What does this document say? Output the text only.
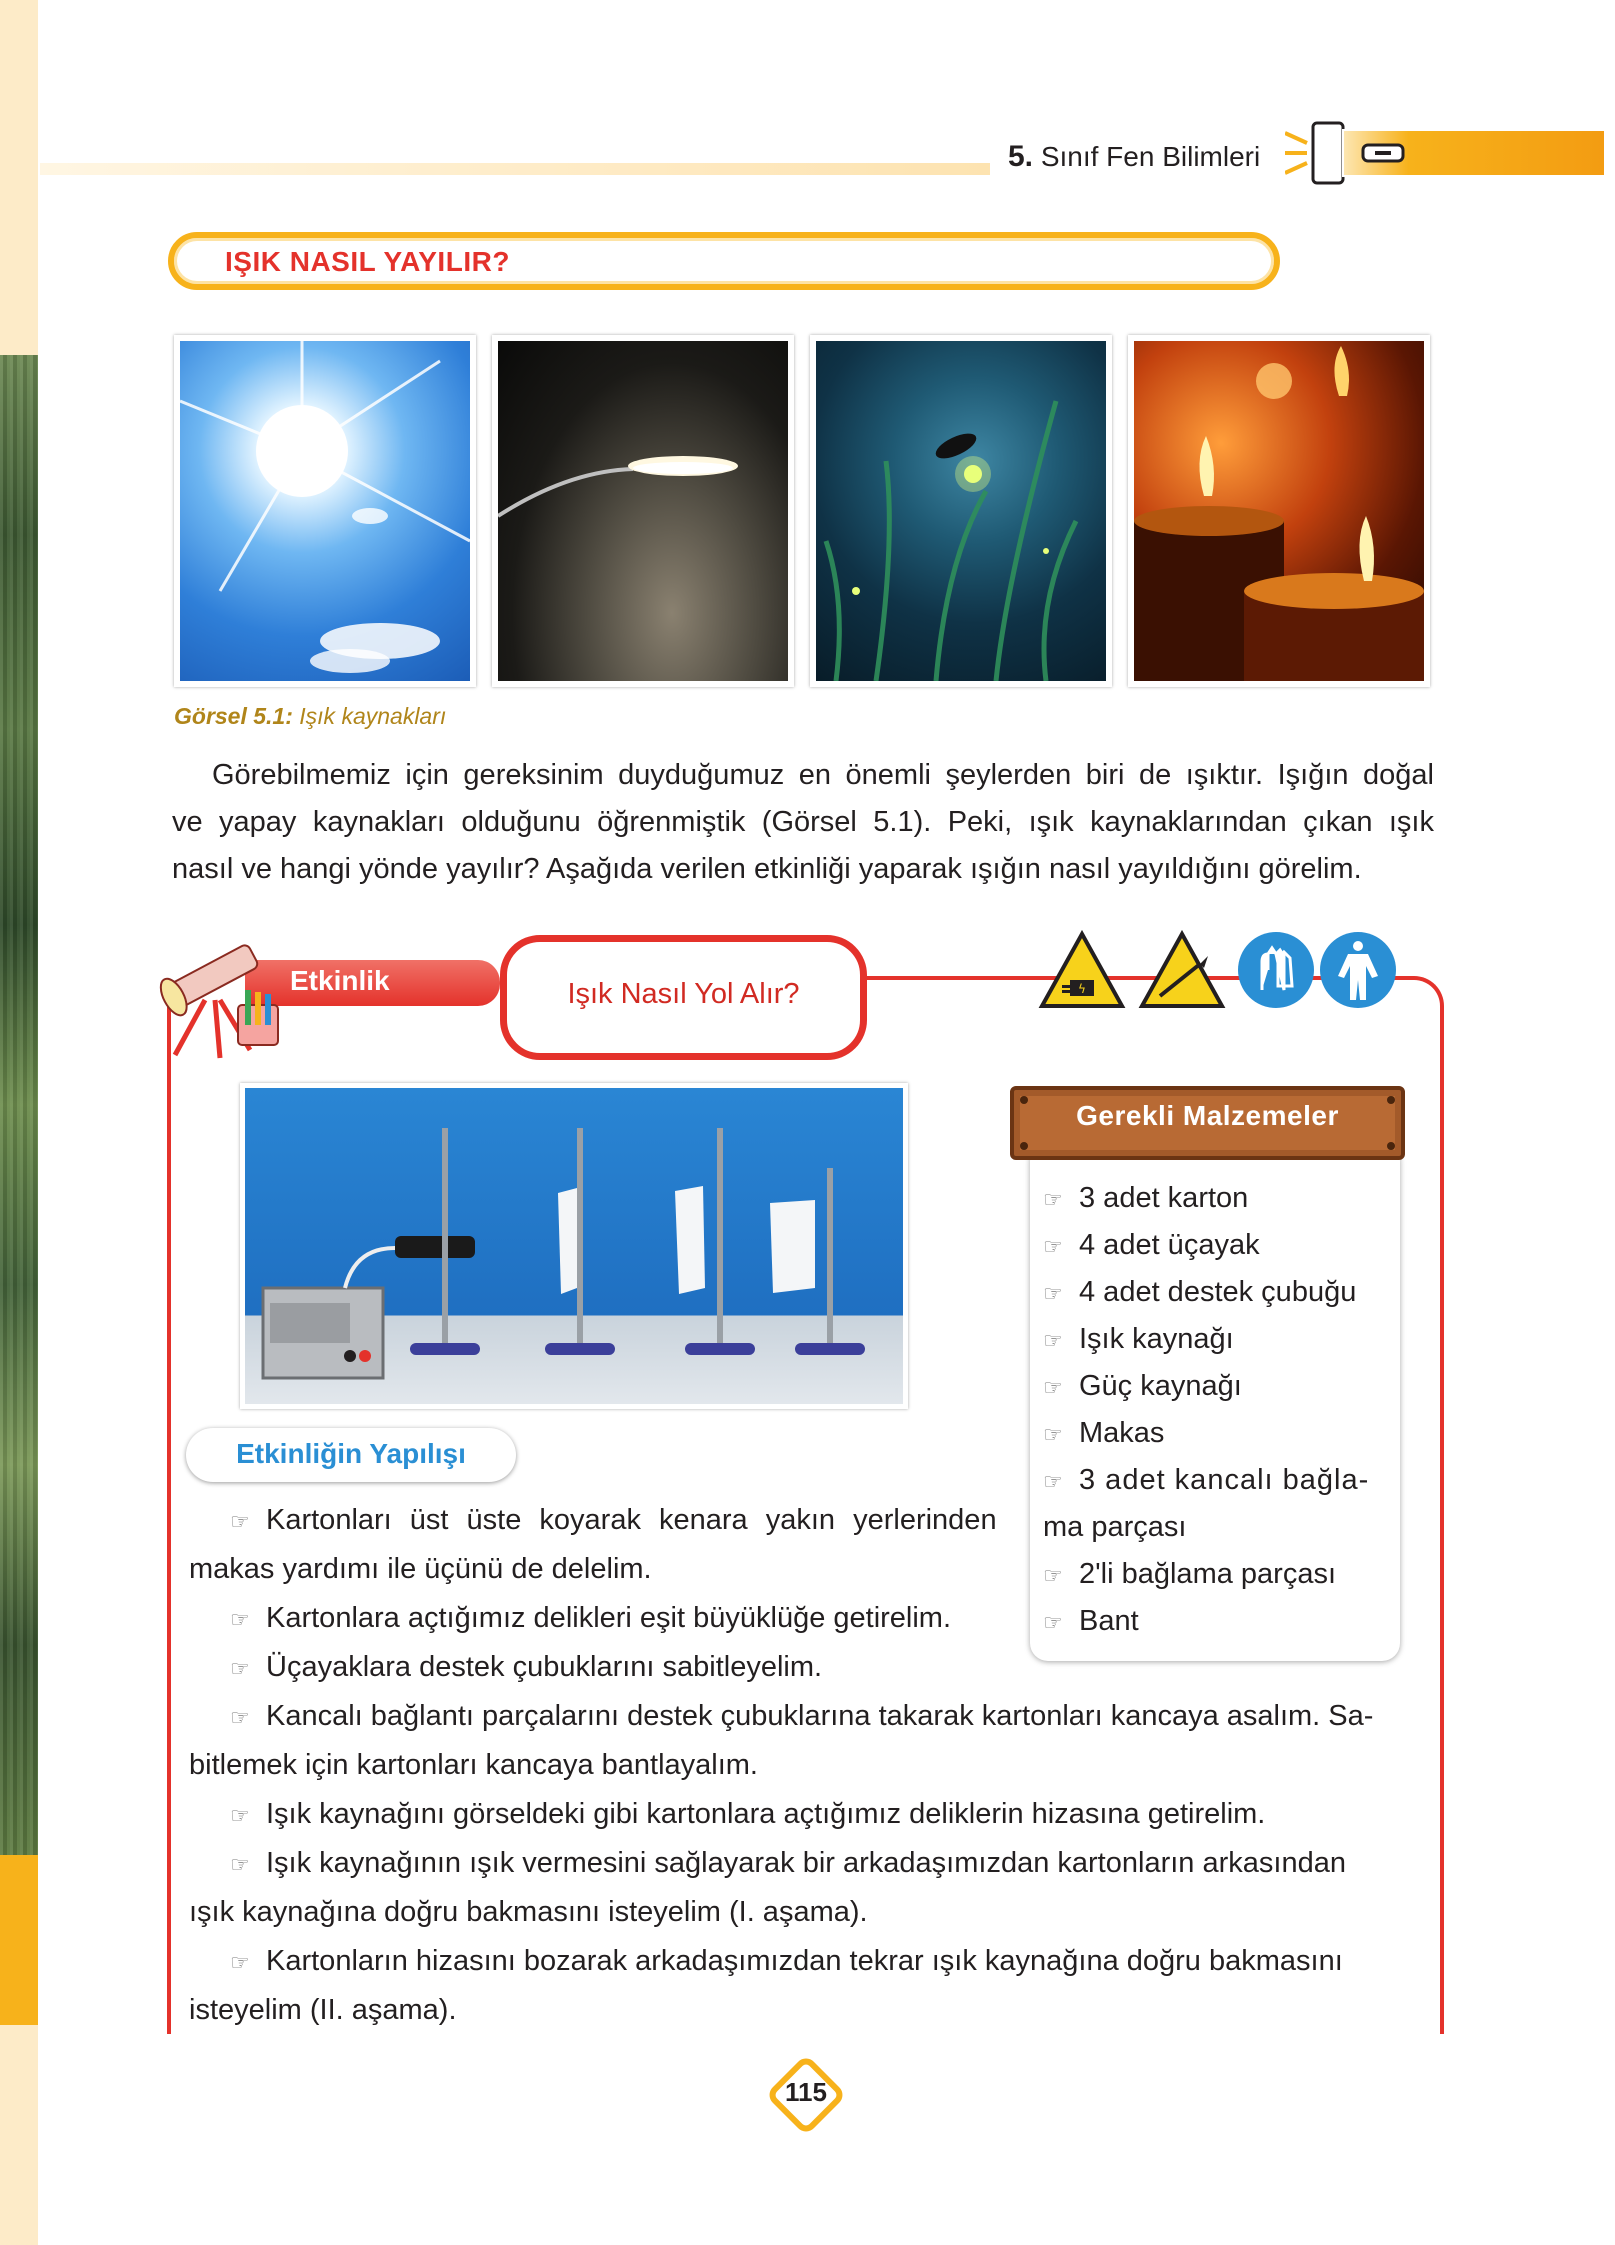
5. Sınıf Fen Bilimleri
IŞIK NASIL YAYILIR?
Görsel 5.1: Işık kaynakları
Görebilmemiz için gereksinim duyduğumuz en önemli şeylerden biri de ışıktır. Işığın doğal
ve yapay kaynakları olduğunu öğrenmiştik (Görsel 5.1). Peki, ışık kaynaklarından çıkan ışık
nasıl ve hangi yönde yayılır? Aşağıda verilen etkinliği yaparak ışığın nasıl yayıldığını görelim.
Etkinlik	Işık Nasıl Yol Alır?	ϟ
Gerekli Malzemeler
☞ 3 adet karton
☞ 4 adet üçayak
☞ 4 adet destek çubuğu
☞ Işık kaynağı
☞ Güç kaynağı
☞ Makas
☞ 3 adet kancalı bağla-
ma parçası
☞ 2'li bağlama parçası
☞ Bant
Etkinliğin Yapılışı
☞ Kartonları üst üste koyarak kenara yakın yerlerinden
makas yardımı ile üçünü de delelim.
☞ Kartonlara açtığımız delikleri eşit büyüklüğe getirelim.
☞ Üçayaklara destek çubuklarını sabitleyelim.
☞ Kancalı bağlantı parçalarını destek çubuklarına takarak kartonları kancaya asalım. Sa-
bitlemek için kartonları kancaya bantlayalım.
☞ Işık kaynağını görseldeki gibi kartonlara açtığımız deliklerin hizasına getirelim.
☞ Işık kaynağının ışık vermesini sağlayarak bir arkadaşımızdan kartonların arkasından
ışık kaynağına doğru bakmasını isteyelim (I. aşama).
☞ Kartonların hizasını bozarak arkadaşımızdan tekrar ışık kaynağına doğru bakmasını
isteyelim (II. aşama).
115
